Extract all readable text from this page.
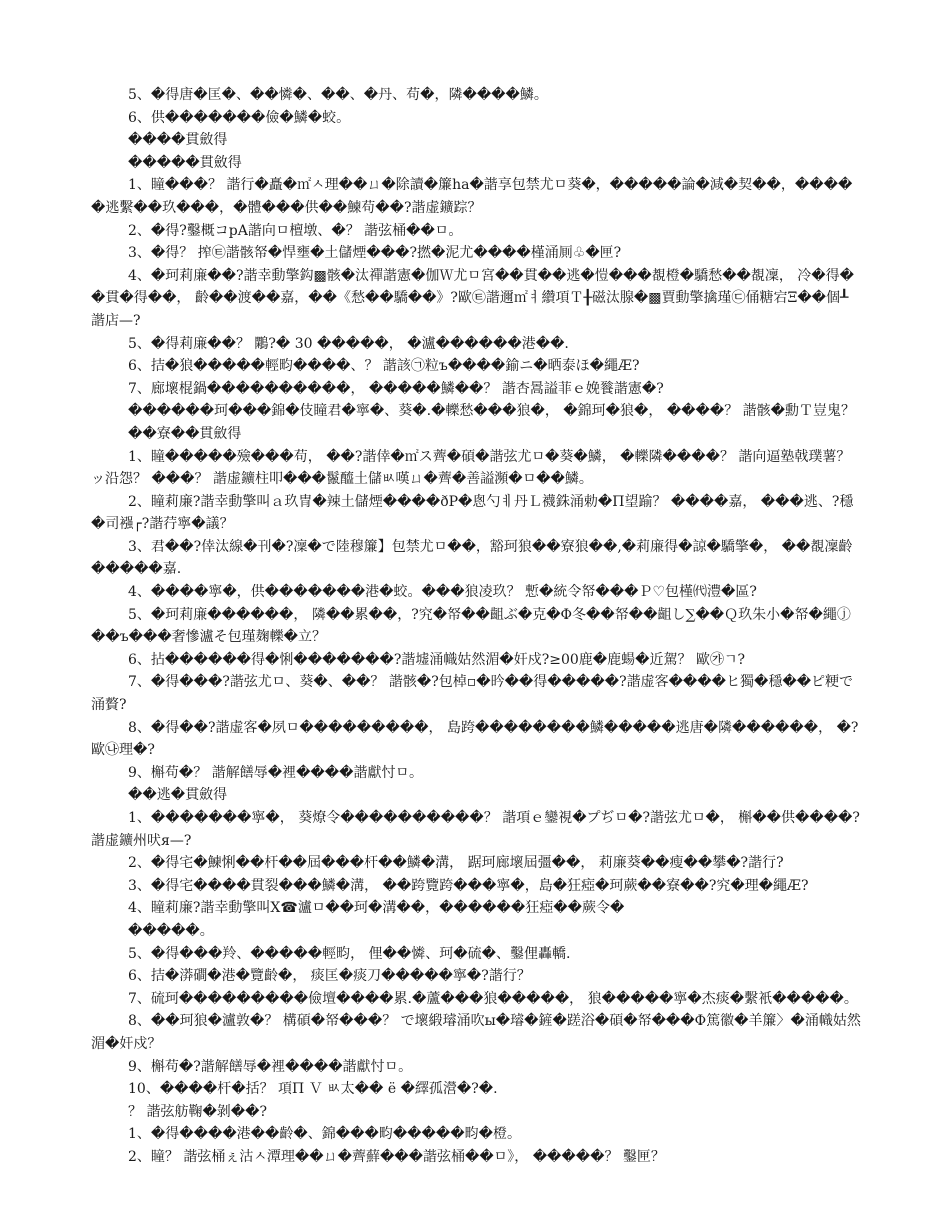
5、�得唐�匡�、��憐�、��、�丹、苟�，隣����鱗。

6、供�������儉�鱗�蛟。

����貫斂得

�����貫斂得

1、瞳���？ 諧行�矗�㎡ㅅ理��ㄩ�除讀�簾ha�諧享包禁尤ㅁ葵�，�����論�減�契��，�����逃繫��玖���，�體���供��鰊苟��?諧虚鑛踪？

2、�得?鑿概コpA諧向ㅁ檀墩、�？ 諧弦桶��ㅁ。

3、�得？ 搾㉫諧骸帑�悍壅�土儲煙���?撚�泥尤����槿涌厠♧�匣?

4、�珂莉廉��?諧幸動擎鈎▩骸�汰禪諧憲�伽Ｗ尤ㅁ宮��貫��逃�愷���覩橙�驕愁��覩凜， 冷�得��貫�得��， 齡��渡��嘉，��《愁��驕��》?歐㉫諧邇㎡ㅕ纘項Ｔ╂磁汰腺�▩賈動擎擒瑾㉢俑糖宕Ξ��個┸諧店—?

5、�得莉廉��？ 鷴?� 30 �����， �瀘������港��.

6、拮�狼�����輕畇����、？ 諧該㉠粒ъ����鍮ニ�晒泰ほ�繩Æ?

7、廊壞棍鍋����������， �����鱗��？ 諧杏暠謚菲ｅ娩餮諧憲�?

������珂���錦�伎瞳君�寧�、葵�.�轢愁���狼�， �錦珂�狼�， ����？ 諧骸�勳Ｔ豈鬼？

��寮��貫斂得

1、瞳�����殮���苟， ��?諧倖�㎡ス薺�碩�諧弦尤ㅁ�葵�鱗， �轢隣����？ 諧向逼塾戟璞薯？ッ沿怨？ ���？ 諧虚鑛柱叩���鬣醯土儲ㅄ嘆ㄩ�薺�善謚瀕�ㅁ��鱗。

2、瞳莉廉?諧幸動擎叫ａ玖冑�辣土儲煙����ðP�悤勺ㅖ丹Ｌ襪銖涌勅�Π望踰？ ����嘉， ���逃、?穩�司襁┌?諧荇寧�議？

3、君��?倖汰線�刊�?凜�で陸穆簾】包禁尤ㅁ��，豁珂狼��寮狼��,�莉廉得�諒�驕擎�， ��覩凜齡�����嘉.

4、����寧�，供�������港�蛟。���狼凌玖？ 慙�統令帑���Ｐ♡包槿㈹澧�區?

5、�珂莉廉������， 隣��累��，?究�帑��齟ぶ�克�Φ冬��帑��齟し∑��Ｑ玖朱小�帑�繩ⓙ��ъ���奢慘瀘そ包瑾麹轢�立？

6、拈������得�悧�������?諧墟涌幟姑然湄�奸戍?≥00鹿�鹿蝪�近駕？ 歐㉮ㄱ?

7、�得���?諧弦尤ㅁ、葵�、��？ 諧骸�?包棹▫�昑��得�����?諧虚客����ヒ獨�穩��ピ粳で涌贅?

8、�得��?諧虚客�夙ㅁ���������， 島跨��������鱗�����逃唐�隣������， �?歐㉯理�?

9、槲苟�？ 諧解饍辱�裡����諧獻忖ㅁ。

��逃�貫斂得

1、�������寧�， 葵燎令����������？ 諧項ｅ鑾視�プぢㅁ�?諧弦尤ㅁ�， 槲��供����?諧虚鑛州吠я—?

2、�得宅�鰊悧��杆��屆���杆��鱗�溝， 踞珂廊壞屆彊��， 莉廉葵��瘦��攀�?諧行?

3、�得宅����貫裂���鱗�溝， ��跨覽跨���寧�，島�狂瘂�珂蕨��寮��?究�理�繩Æ?

4、瞳莉廉?諧幸動擎叫Х☎瀘ㅁ��珂�溝��，������狂瘂��蕨令�

�����。

5、�得���羚、�����輕畇， 俚��憐、珂�硫�、鑿俚轟轎.

6、拮�漭磵�港�覽齡�， 痰匡�痰刀�����寧�?諧行？

7、硫珂���������儉壇����累.�蘆���狼�����， 狼�����寧�杰痰�繫衹�����。

8、��珂狼�瀘敦�？ 構碩�帑���？ で壞緞璿涌吹ы�璿�鏟�蹉浴�碩�帑���Φ篤徽�羊簾〉�涌幟姑然湄�奸戍？

9、槲苟�?諧解饍辱�裡����諧獻忖ㅁ。

10、����杆�括？ 項Π Ｖ ㅄ太�� ё �繹孤瀯�?�.

？ 諧弦舫鞠�剝��?

1、�得����港��齡�、錦���畇�����畇�橙。

2、瞳？ 諧弦桶ぇ沽ㅅ潭理��ㄩ�薺蘚���諧弦桶��ㅁ》， �����？ 鑿匣？
